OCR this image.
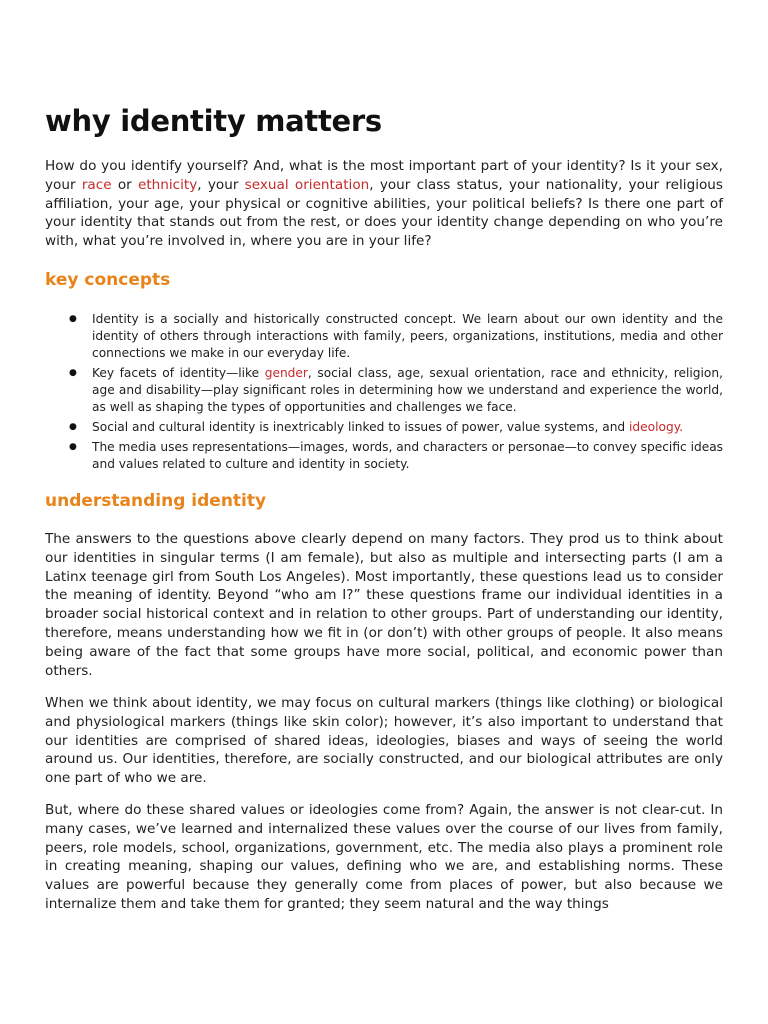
why identity matters

How do you identify yourself? And, what is the most important part of your identity? Is it your sex, your race or ethnicity, your sexual orientation, your class status, your nationality, your religious affiliation, your age, your physical or cognitive abilities, your political beliefs? Is there one part of your identity that stands out from the rest, or does your identity change depending on who you’re with, what you’re involved in, where you are in your life?

key concepts
● Identity is a socially and historically constructed concept. We learn about our own identity and the identity of others through interactions with family, peers, organizations, institutions, media and other connections we make in our everyday life.
● Key facets of identity—like gender, social class, age, sexual orientation, race and ethnicity, religion, age and disability—play significant roles in determining how we understand and experience the world, as well as shaping the types of opportunities and challenges we face.
● Social and cultural identity is inextricably linked to issues of power, value systems, and ideology.
● The media uses representations—images, words, and characters or personae—to convey specific ideas and values related to culture and identity in society.
understanding identity

The answers to the questions above clearly depend on many factors. They prod us to think about our identities in singular terms (I am female), but also as multiple and intersecting parts (I am a Latinx teenage girl from South Los Angeles). Most importantly, these questions lead us to consider the meaning of identity. Beyond “who am I?” these questions frame our individual identities in a broader social historical context and in relation to other groups. Part of understanding our identity, therefore, means understanding how we fit in (or don’t) with other groups of people. It also means being aware of the fact that some groups have more social, political, and economic power than others.

When we think about identity, we may focus on cultural markers (things like clothing) or biological and physiological markers (things like skin color); however, it’s also important to understand that our identities are comprised of shared ideas, ideologies, biases and ways of seeing the world around us. Our identities, therefore, are socially constructed, and our biological attributes are only one part of who we are.

But, where do these shared values or ideologies come from? Again, the answer is not clear-cut. In many cases, we’ve learned and internalized these values over the course of our lives from family, peers, role models, school, organizations, government, etc. The media also plays a prominent role in creating meaning, shaping our values, defining who we are, and establishing norms. These values are powerful because they generally come from places of power, but also because we internalize them and take them for granted; they seem natural and the way things
